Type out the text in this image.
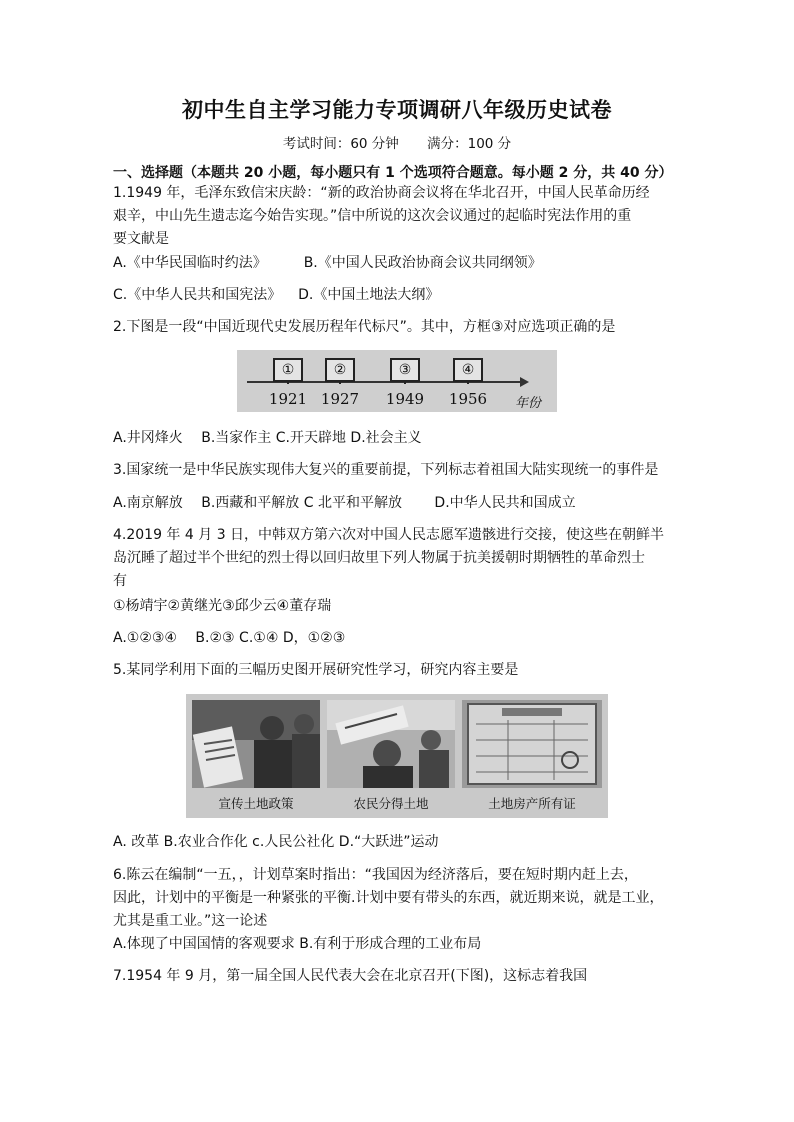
初中生自主学习能力专项调研八年级历史试卷
考试时间：60 分钟 满分：100 分
一、选择题（本题共 20 小题，每小题只有 1 个选项符合题意。每小题 2 分，共 40 分）
1.1949 年，毛泽东致信宋庆龄：“新的政治协商会议将在华北召开，中国人民革命历经
艰辛，中山先生遗志迄今始告实现。”信中所说的这次会议通过的起临时宪法作用的重
要文献是
A.《中华民国临时约法》	B.《中国人民政治协商会议共同纲领》
C.《中华人民共和国宪法》 D.《中国土地法大纲》
2.下图是一段“中国近现代史发展历程年代标尺”。其中，方框③对应选项正确的是
①
1921
②
1927
③
1949
④
1956	年份
A.井冈烽火　 B.当家作主 C.开天辟地 D.社会主义
3.国家统一是中华民族实现伟大复兴的重要前提，下列标志着祖国大陆实现统一的事件是
A.南京解放　 B.西藏和平解放 C 北平和平解放　　 D.中华人民共和国成立
4.2019 年 4 月 3 日，中韩双方第六次对中国人民志愿军遗骸进行交接，使这些在朝鲜半
岛沉睡了超过半个世纪的烈士得以回归故里下列人物属于抗美援朝时期牺牲的革命烈士
有
①杨靖宇②黄继光③邱少云④董存瑞
A.①②③④　 B.②③ C.①④ D，①②③
5.某同学利用下面的三幅历史图开展研究性学习，研究内容主要是
宣传土地政策	农民分得土地	土地房产所有证
A. 改革 B.农业合作化 c.人民公社化 D.“大跃进”运动
6.陈云在编制“一五，，计划草案时指出：“我国因为经济落后，要在短时期内赶上去，
因此，计划中的平衡是一种紧张的平衡.计划中要有带头的东西，就近期来说，就是工业，
尤其是重工业。”这一论述
A.体现了中国国情的客观要求 B.有利于形成合理的工业布局
7.1954 年 9 月，第一届全国人民代表大会在北京召开(下图)，这标志着我国
